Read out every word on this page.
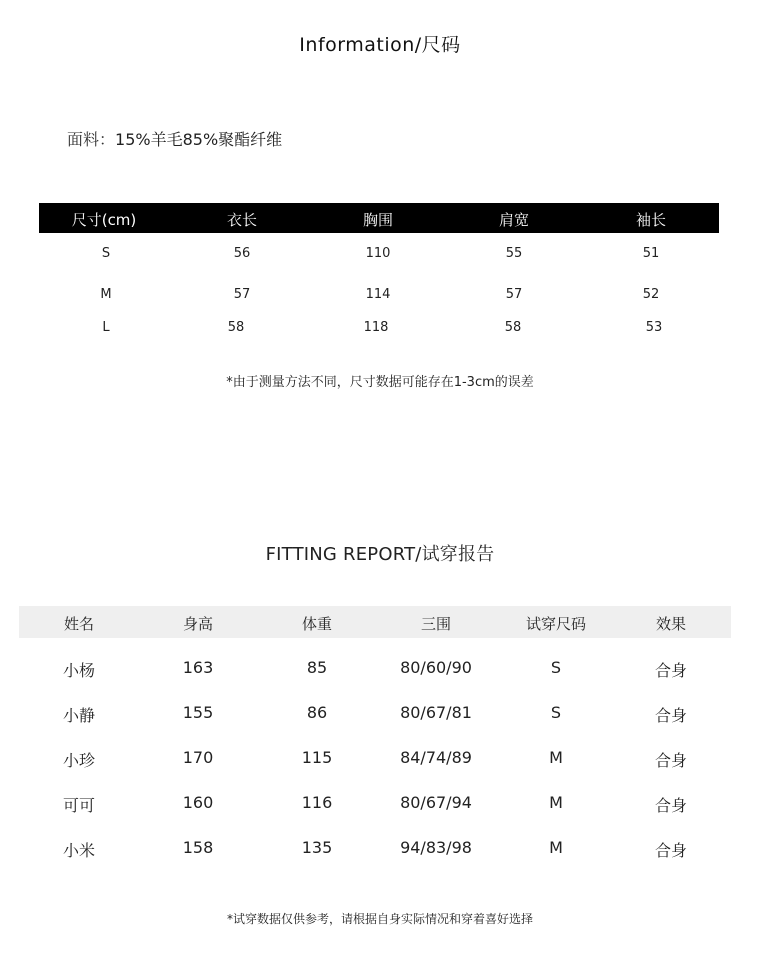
Information/尺码
面料：15%羊毛85%聚酯纤维
尺寸(cm)	衣长	胸围	肩宽	袖长
S	56	110	55	51
M	57	114	57	52
L	58	118	58	53
*由于测量方法不同，尺寸数据可能存在1-3cm的误差
FITTING REPORT/试穿报告
姓名	身高	体重	三围	试穿尺码	效果
小杨	163	85	80/60/90	S	合身
小静	155	86	80/67/81	S	合身
小珍	170	115	84/74/89	M	合身
可可	160	116	80/67/94	M	合身
小米	158	135	94/83/98	M	合身
*试穿数据仅供参考，请根据自身实际情况和穿着喜好选择
